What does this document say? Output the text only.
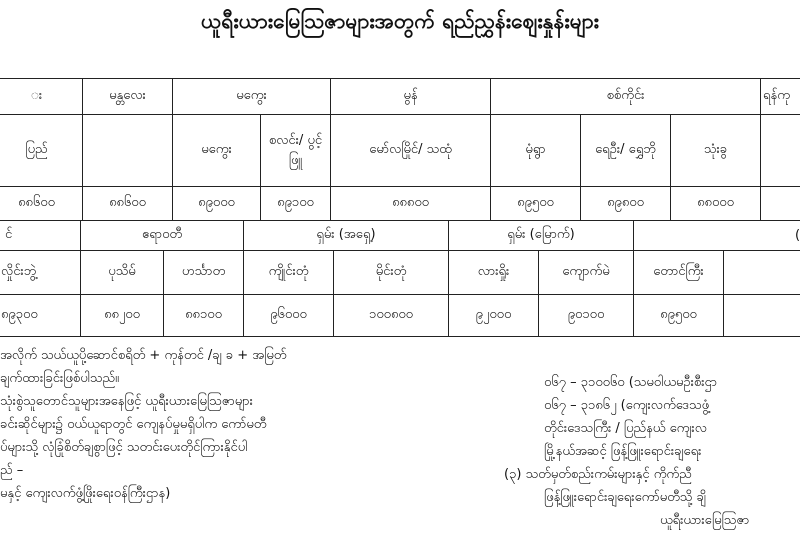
ယူရီးယားမြေသြဇာများအတွက် ရည်ညွှန်းဈေးနှုန်းများ
း	မန္တလေး	မကွေး		မွန်	စစ်ကိုင်း			ရန်ကု
ပြည်		မကွေး	စလင်း/ ပွင့်ဖြူ	မော်လမြိုင်/ သထုံ	မုံရွာ	ရေဦး/ ရွှေဘို	သုံးခွ	
၈၈၆၀၀	၈၈၆၀၀	၈၉၀၀၀	၈၉၁၀၀	၈၈၈၀၀	၈၉၅၀၀	၈၉၈၀၀	၈၈၀၀၀	
င်	ဧရာဝတီ		ရှမ်း (အရှေ့)		ရှမ်း (မြောက်)		(	
လှိုင်းဘွဲ့	ပုသိမ်	ဟင်္သာတ	ကျိုင်းတုံ	မိုင်းတုံ	လားရှိုး	ကျောက်မဲ	တောင်ကြီး	
၈၉၃၀၀	၈၈၂၀၀	၈၈၁၀၀	၉၆၀၀၀	၁၀၀၈၀၀	၉၂၀၀၀	၉၀၁၀၀	၈၉၅၀၀	
အလိုက် သယ်ယူပို့ဆောင်စရိတ် + ကုန်တင် /ချ ခ + အမြတ်
ချက်ထားခြင်းဖြစ်ပါသည်။
သုံးစွဲသူတောင်သူများအနေဖြင့် ယူရီးယားမြေသြဇာများ
ခင်းဆိုင်များ၌ ဝယ်ယူရာတွင် ကျေနပ်မှုမရှိပါက ကော်မတီ
ပ်များသို့ လုံခြုံစိတ်ချစွာဖြင့် သတင်းပေးတိုင်ကြားနိုင်ပါ
ည် –
မနှင့် ကျေးလက်ဖွံ့ဖြိုးရေးဝန်ကြီးဌာန)
၀၆၇ – ၃၁၀၀၆၀ (သမဝါယမဦးစီးဌာ
၀၆၇ – ၃၁၈၆၂ (ကျေးလက်ဒေသဖွံ့
တိုင်းဒေသကြီး / ပြည်နယ် ကျေးလ
မြို့နယ်အဆင့် ဖြန့်ဖြူးရောင်းချရေး
(၃) သတ်မှတ်စည်းကမ်းများနှင့် ကိုက်ညီ
ဖြန့်ဖြူးရောင်းချရေးကော်မတီသို့ ချိ
ယူရီးယားမြေသြဇာ
